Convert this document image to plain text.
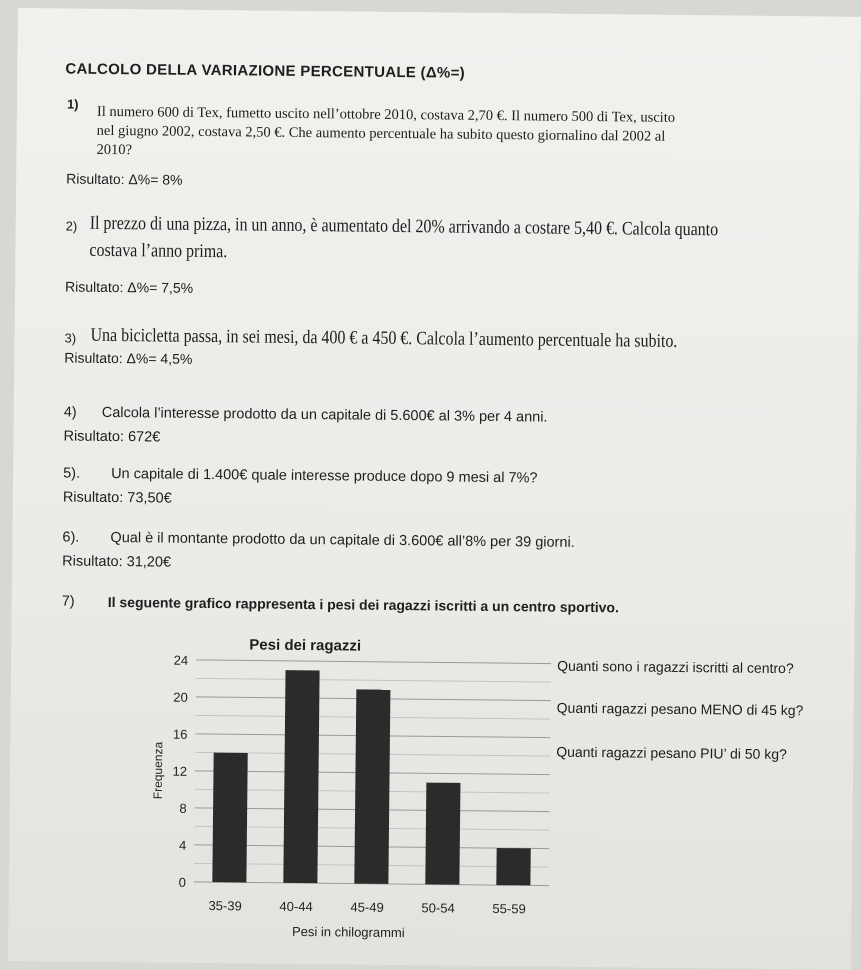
CALCOLO DELLA VARIAZIONE PERCENTUALE (Δ%=)
1) Il numero 600 di Tex, fumetto uscito nell’ottobre 2010, costava 2,70 €. Il numero 500 di Tex, uscito
nel giugno 2002, costava 2,50 €. Che aumento percentuale ha subito questo giornalino dal 2002 al
2010?
Risultato: Δ%= 8%
2) Il prezzo di una pizza, in un anno, è aumentato del 20% arrivando a costare 5,40 €. Calcola quanto
costava l’anno prima.
Risultato: Δ%= 7,5%
3) Una bicicletta passa, in sei mesi, da 400 € a 450 €. Calcola l’aumento percentuale ha subito.
Risultato: Δ%= 4,5%
4) Calcola l’interesse prodotto da un capitale di 5.600€ al 3% per 4 anni.
Risultato: 672€
5). Un capitale di 1.400€ quale interesse produce dopo 9 mesi al 7%?
Risultato: 73,50€
6). Qual è il montante prodotto da un capitale di 3.600€ all’8% per 39 giorni.
Risultato: 31,20€
7) Il seguente grafico rappresenta i pesi dei ragazzi iscritti a un centro sportivo.
Pesi dei ragazzi
0
4
8
12
16
20
24
35-39	40-44	45-49	50-54	55-59
Pesi in chilogrammi
Frequenza
Quanti sono i ragazzi iscritti al centro?
Quanti ragazzi pesano MENO di 45 kg?
Quanti ragazzi pesano PIU’ di 50 kg?
